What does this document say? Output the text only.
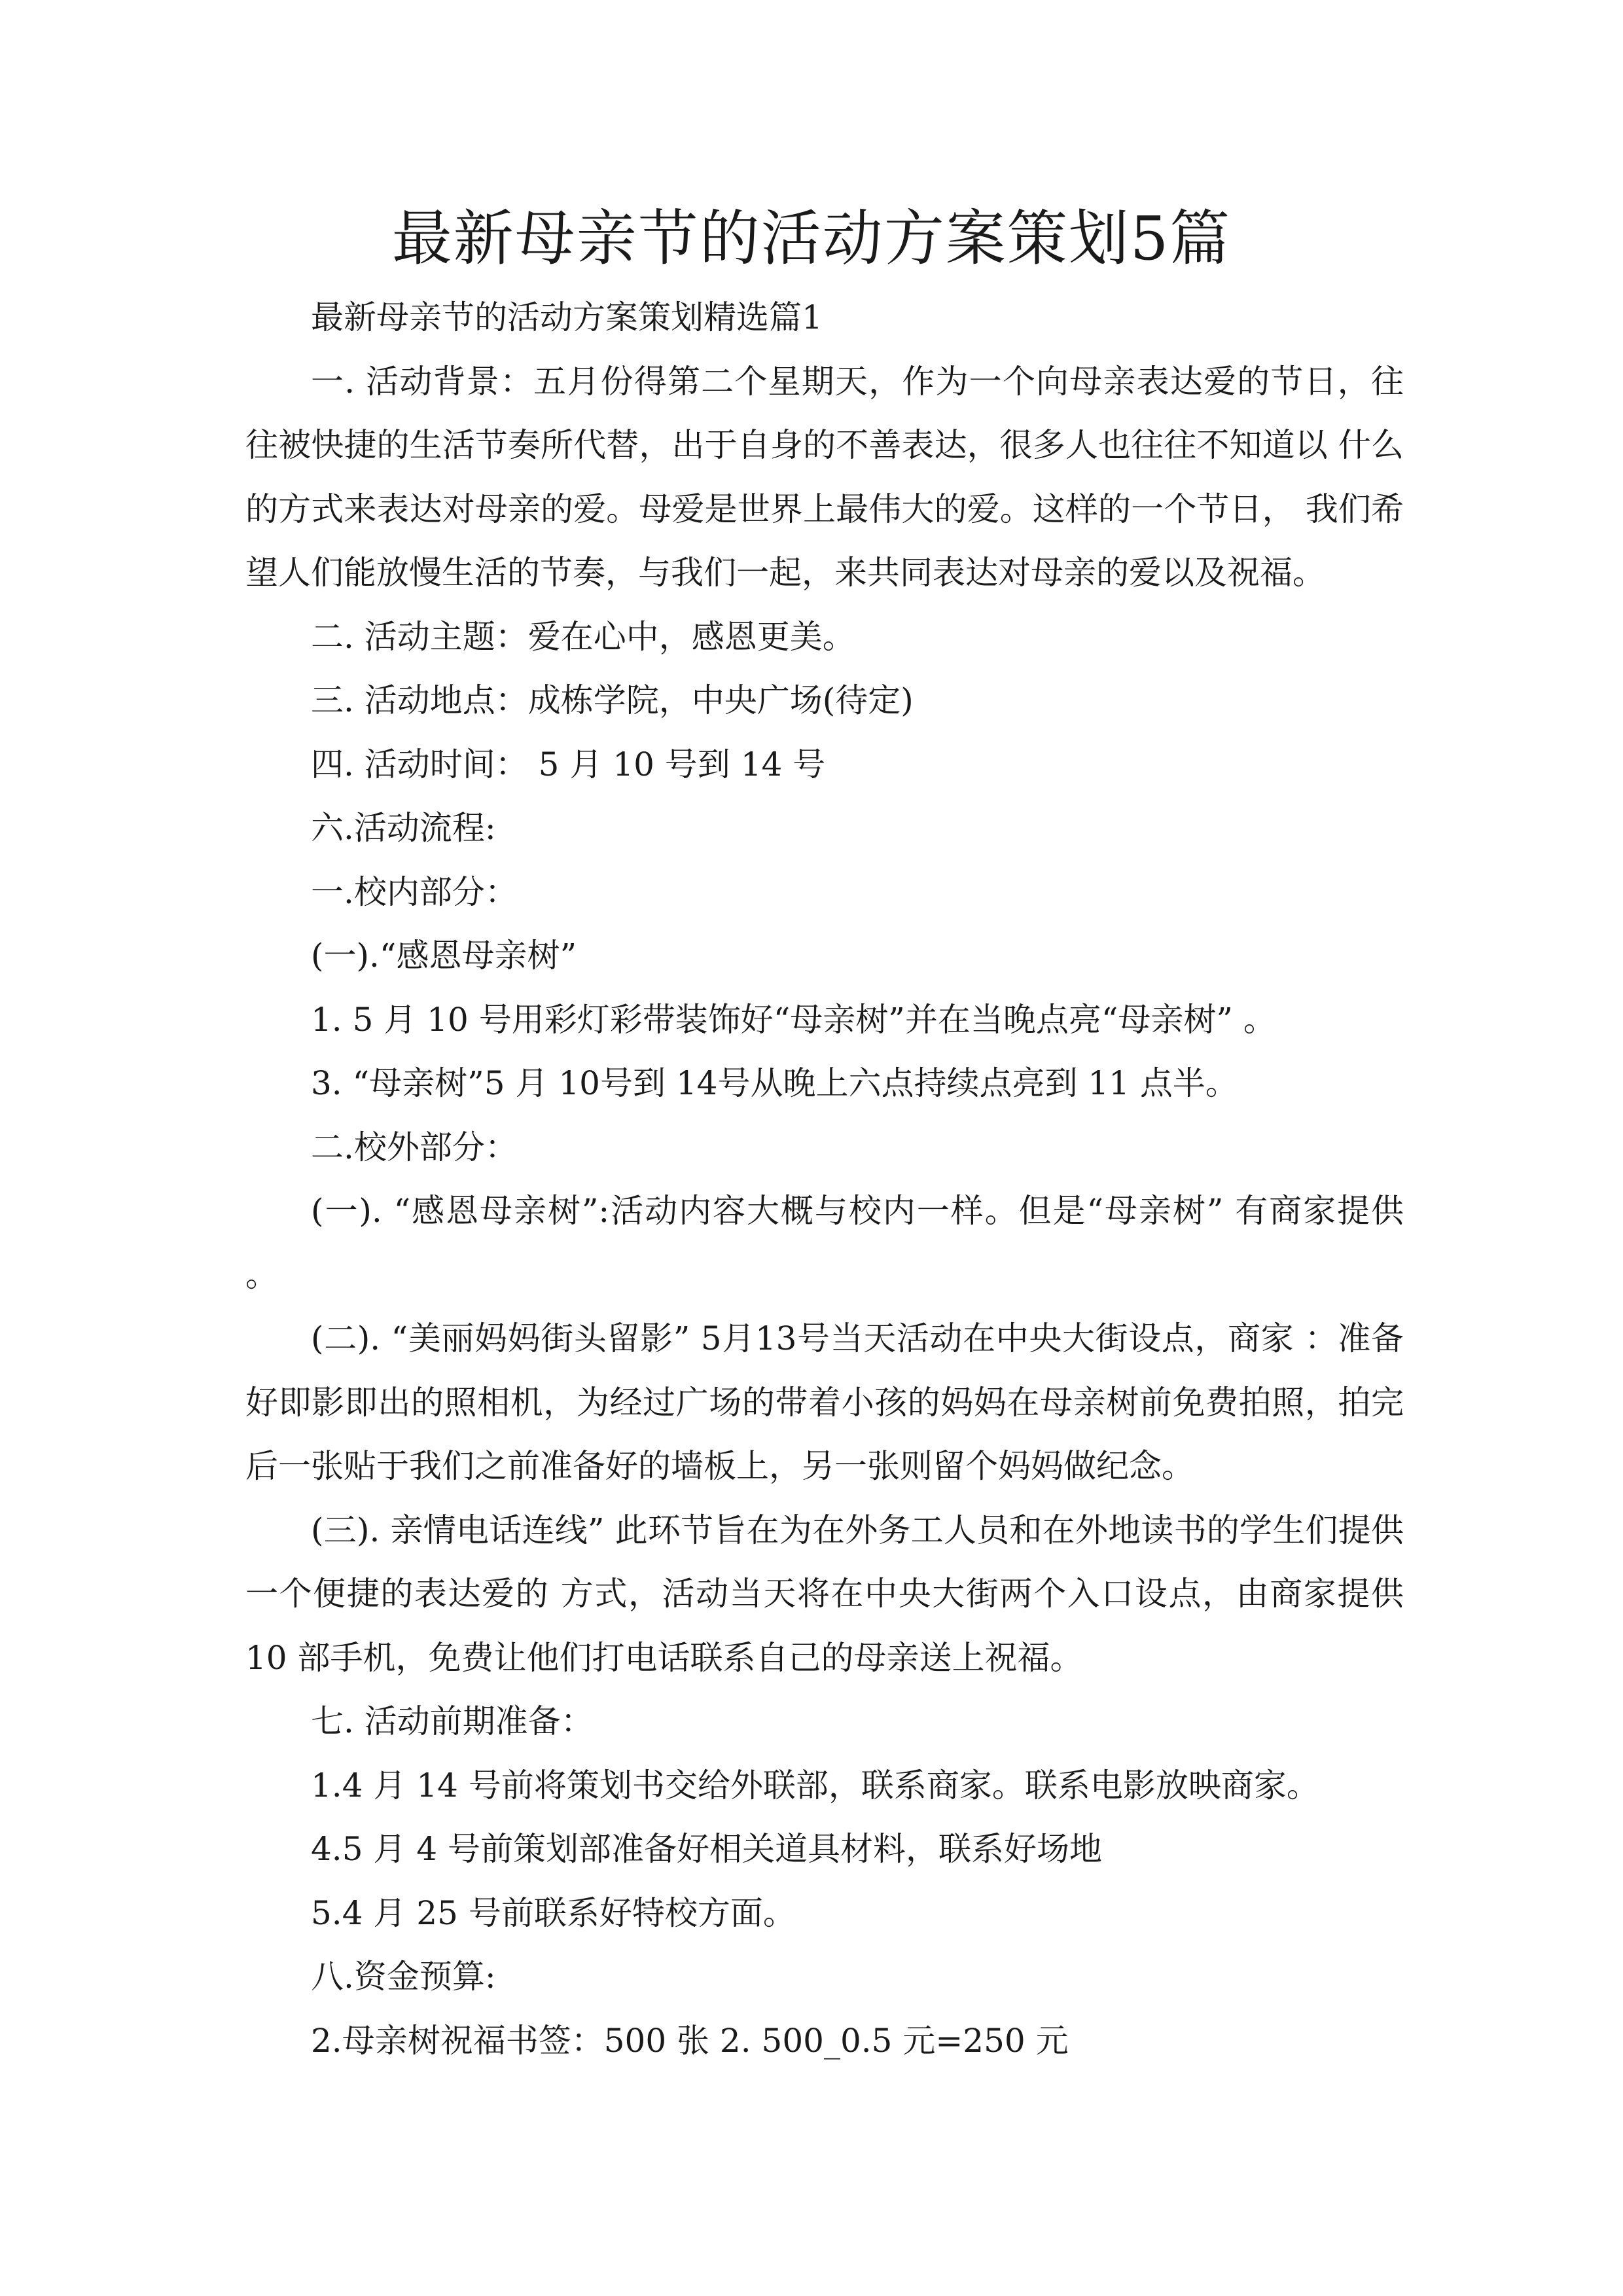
最新母亲节的活动方案策划5篇

最新母亲节的活动方案策划精选篇1

一. 活动背景：五月份得第二个星期天，作为一个向母亲表达爱的节日，往往被快捷的生活节奏所代替，出于自身的不善表达，很多人也往往不知道以 什么的方式来表达对母亲的爱。母爱是世界上最伟大的爱。这样的一个节日， 我们希望人们能放慢生活的节奏，与我们一起，来共同表达对母亲的爱以及祝福。

二. 活动主题：爱在心中，感恩更美。

三. 活动地点：成栋学院，中央广场(待定)

四. 活动时间： 5 月 10 号到 14 号

六.活动流程:

一.校内部分：

(一).“感恩母亲树”

1. 5 月 10 号用彩灯彩带装饰好“母亲树”并在当晚点亮“母亲树” 。

3. “母亲树”5 月 10号到 14号从晚上六点持续点亮到 11 点半。

二.校外部分：

(一). “感恩母亲树”:活动内容大概与校内一样。但是“母亲树” 有商家提供 。

(二). “美丽妈妈街头留影” 5月13号当天活动在中央大街设点，商家 ：准备好即影即出的照相机，为经过广场的带着小孩的妈妈在母亲树前免费拍照，拍完后一张贴于我们之前准备好的墙板上，另一张则留个妈妈做纪念。

(三). 亲情电话连线” 此环节旨在为在外务工人员和在外地读书的学生们提供一个便捷的表达爱的 方式，活动当天将在中央大街两个入口设点，由商家提供10 部手机，免费让他们打电话联系自己的母亲送上祝福。

七. 活动前期准备：

1.4 月 14 号前将策划书交给外联部，联系商家。联系电影放映商家。

4.5 月 4 号前策划部准备好相关道具材料，联系好场地

5.4 月 25 号前联系好特校方面。

八.资金预算:

2.母亲树祝福书签：500 张 2. 500_0.5 元=250 元
